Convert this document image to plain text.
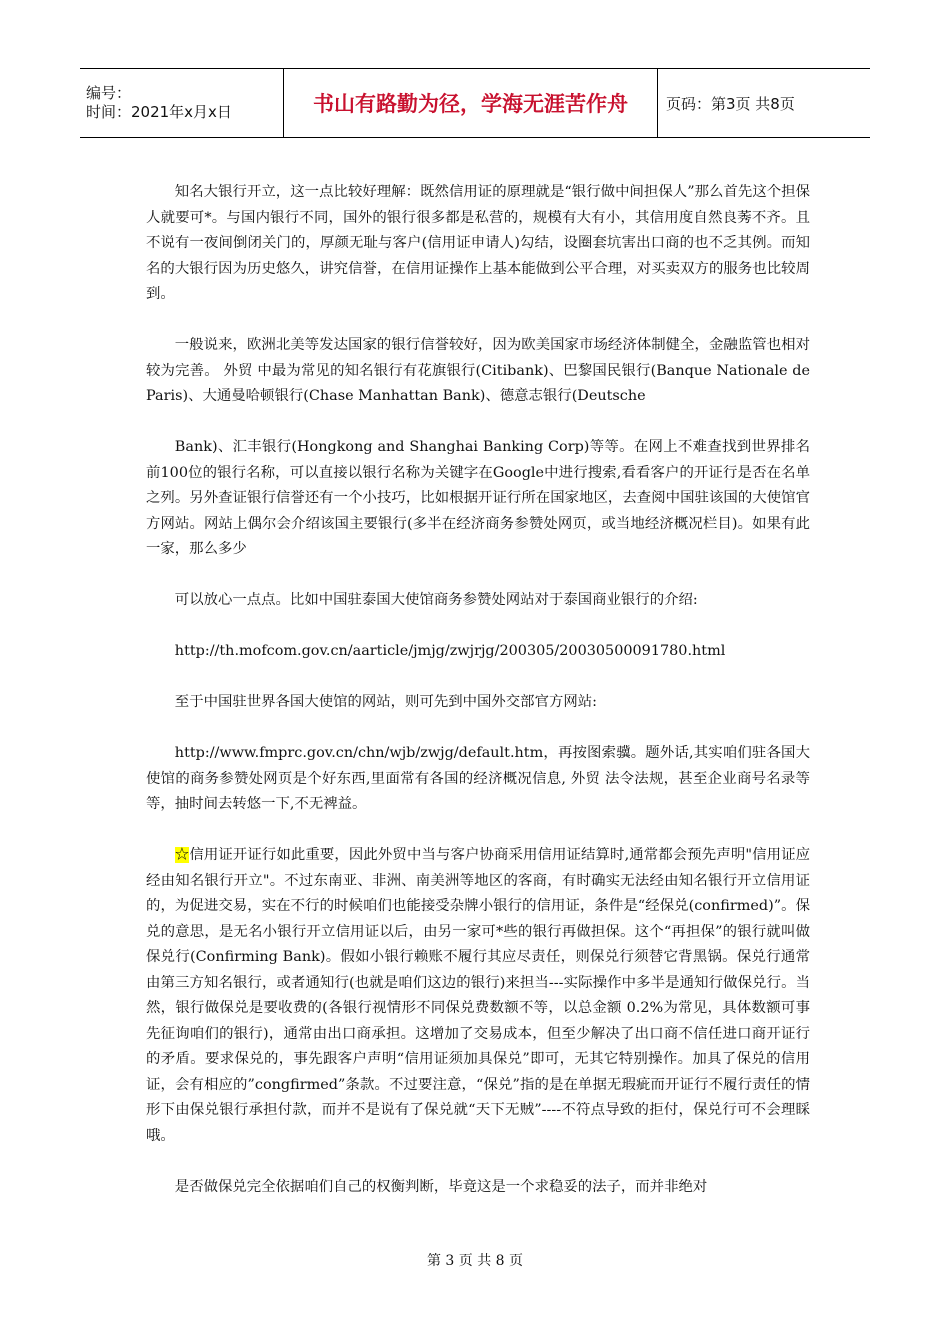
编号：
时间：2021年x月x日	书山有路勤为径，学海无涯苦作舟	页码：第3页 共8页

知名大银行开立，这一点比较好理解：既然信用证的原理就是“银行做中间担保人”那么首先这个担保人就要可*。与国内银行不同，国外的银行很多都是私营的，规模有大有小，其信用度自然良莠不齐。且不说有一夜间倒闭关门的，厚颜无耻与客户(信用证申请人)勾结，设圈套坑害出口商的也不乏其例。而知名的大银行因为历史悠久，讲究信誉，在信用证操作上基本能做到公平合理，对买卖双方的服务也比较周到。

一般说来，欧洲北美等发达国家的银行信誉较好，因为欧美国家市场经济体制健全，金融监管也相对较为完善。 外贸 中最为常见的知名银行有花旗银行(Citibank)、巴黎国民银行(Banque Nationale de Paris)、大通曼哈顿银行(Chase Manhattan Bank)、德意志银行(Deutsche

Bank)、汇丰银行(Hongkong and Shanghai Banking Corp)等等。在网上不难查找到世界排名前100位的银行名称，可以直接以银行名称为关键字在Google中进行搜索,看看客户的开证行是否在名单之列。另外查证银行信誉还有一个小技巧，比如根据开证行所在国家地区，去查阅中国驻该国的大使馆官方网站。网站上偶尔会介绍该国主要银行(多半在经济商务参赞处网页，或当地经济概况栏目)。如果有此一家，那么多少

可以放心一点点。比如中国驻泰国大使馆商务参赞处网站对于泰国商业银行的介绍:

http://th.mofcom.gov.cn/aarticle/jmjg/zwjrjg/200305/20030500091780.html

至于中国驻世界各国大使馆的网站，则可先到中国外交部官方网站:

http://www.fmprc.gov.cn/chn/wjb/zwjg/default.htm，再按图索骥。题外话,其实咱们驻各国大使馆的商务参赞处网页是个好东西,里面常有各国的经济概况信息, 外贸 法令法规，甚至企业商号名录等等，抽时间去转悠一下,不无裨益。

☆信用证开证行如此重要，因此外贸中当与客户协商采用信用证结算时,通常都会预先声明"信用证应经由知名银行开立"。不过东南亚、非洲、南美洲等地区的客商，有时确实无法经由知名银行开立信用证的，为促进交易，实在不行的时候咱们也能接受杂牌小银行的信用证，条件是“经保兑(confirmed)”。保兑的意思，是无名小银行开立信用证以后，由另一家可*些的银行再做担保。这个“再担保”的银行就叫做保兑行(Confirming Bank)。假如小银行赖账不履行其应尽责任，则保兑行须替它背黑锅。保兑行通常由第三方知名银行，或者通知行(也就是咱们这边的银行)来担当---实际操作中多半是通知行做保兑行。当然，银行做保兑是要收费的(各银行视情形不同保兑费数额不等，以总金额 0.2%为常见，具体数额可事先征询咱们的银行)，通常由出口商承担。这增加了交易成本，但至少解决了出口商不信任进口商开证行的矛盾。要求保兑的，事先跟客户声明“信用证须加具保兑”即可，无其它特别操作。加具了保兑的信用证，会有相应的”congfirmed”条款。不过要注意，“保兑”指的是在单据无瑕疵而开证行不履行责任的情形下由保兑银行承担付款，而并不是说有了保兑就“天下无贼”----不符点导致的拒付，保兑行可不会理睬哦。

是否做保兑完全依据咱们自己的权衡判断，毕竟这是一个求稳妥的法子，而并非绝对

第 3 页 共 8 页
